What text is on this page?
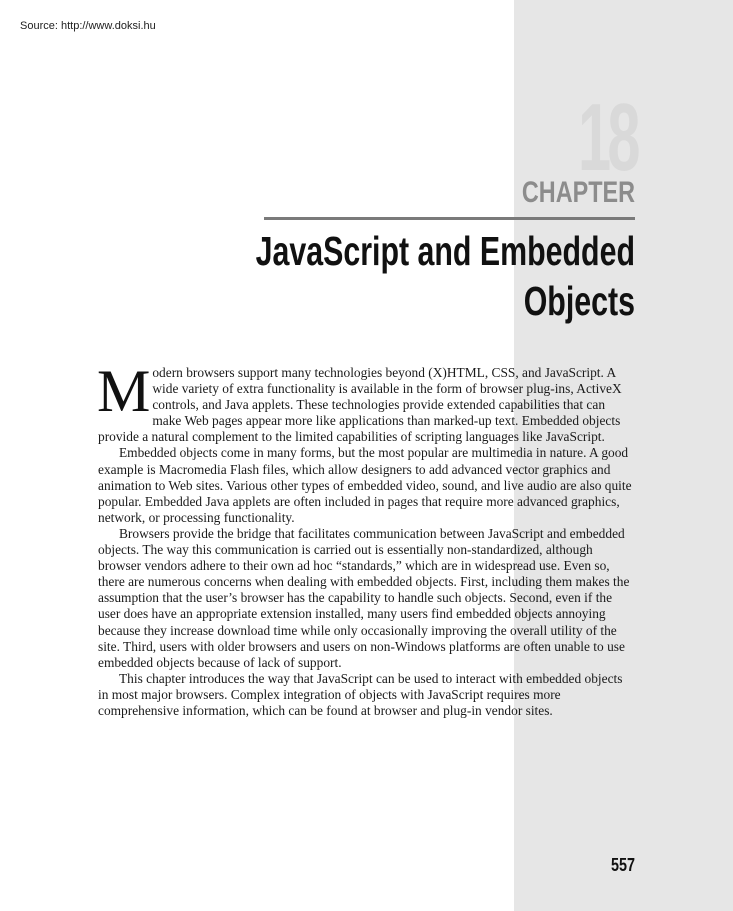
Source: http://www.doksi.hu
18
CHAPTER
JavaScript and Embedded
Objects

Modern browsers support many technologies beyond (X)HTML, CSS, and JavaScript. A wide variety of extra functionality is available in the form of browser plug-ins, ActiveX controls, and Java applets. These technologies provide extended capabilities that can make Web pages appear more like applications than marked-up text. Embedded objects provide a natural complement to the limited capabilities of scripting languages like JavaScript.

Embedded objects come in many forms, but the most popular are multimedia in nature. A good example is Macromedia Flash files, which allow designers to add advanced vector graphics and animation to Web sites. Various other types of embedded video, sound, and live audio are also quite popular. Embedded Java applets are often included in pages that require more advanced graphics, network, or processing functionality.

Browsers provide the bridge that facilitates communication between JavaScript and embedded objects. The way this communication is carried out is essentially non-standardized, although browser vendors adhere to their own ad hoc “standards,” which are in widespread use. Even so, there are numerous concerns when dealing with embedded objects. First, including them makes the assumption that the user’s browser has the capability to handle such objects. Second, even if the user does have an appropriate extension installed, many users find embedded objects annoying because they increase download time while only occasionally improving the overall utility of the site. Third, users with older browsers and users on non-Windows platforms are often unable to use embedded objects because of lack of support.

This chapter introduces the way that JavaScript can be used to interact with embedded objects in most major browsers. Complex integration of objects with JavaScript requires more comprehensive information, which can be found at browser and plug-in vendor sites.

557
